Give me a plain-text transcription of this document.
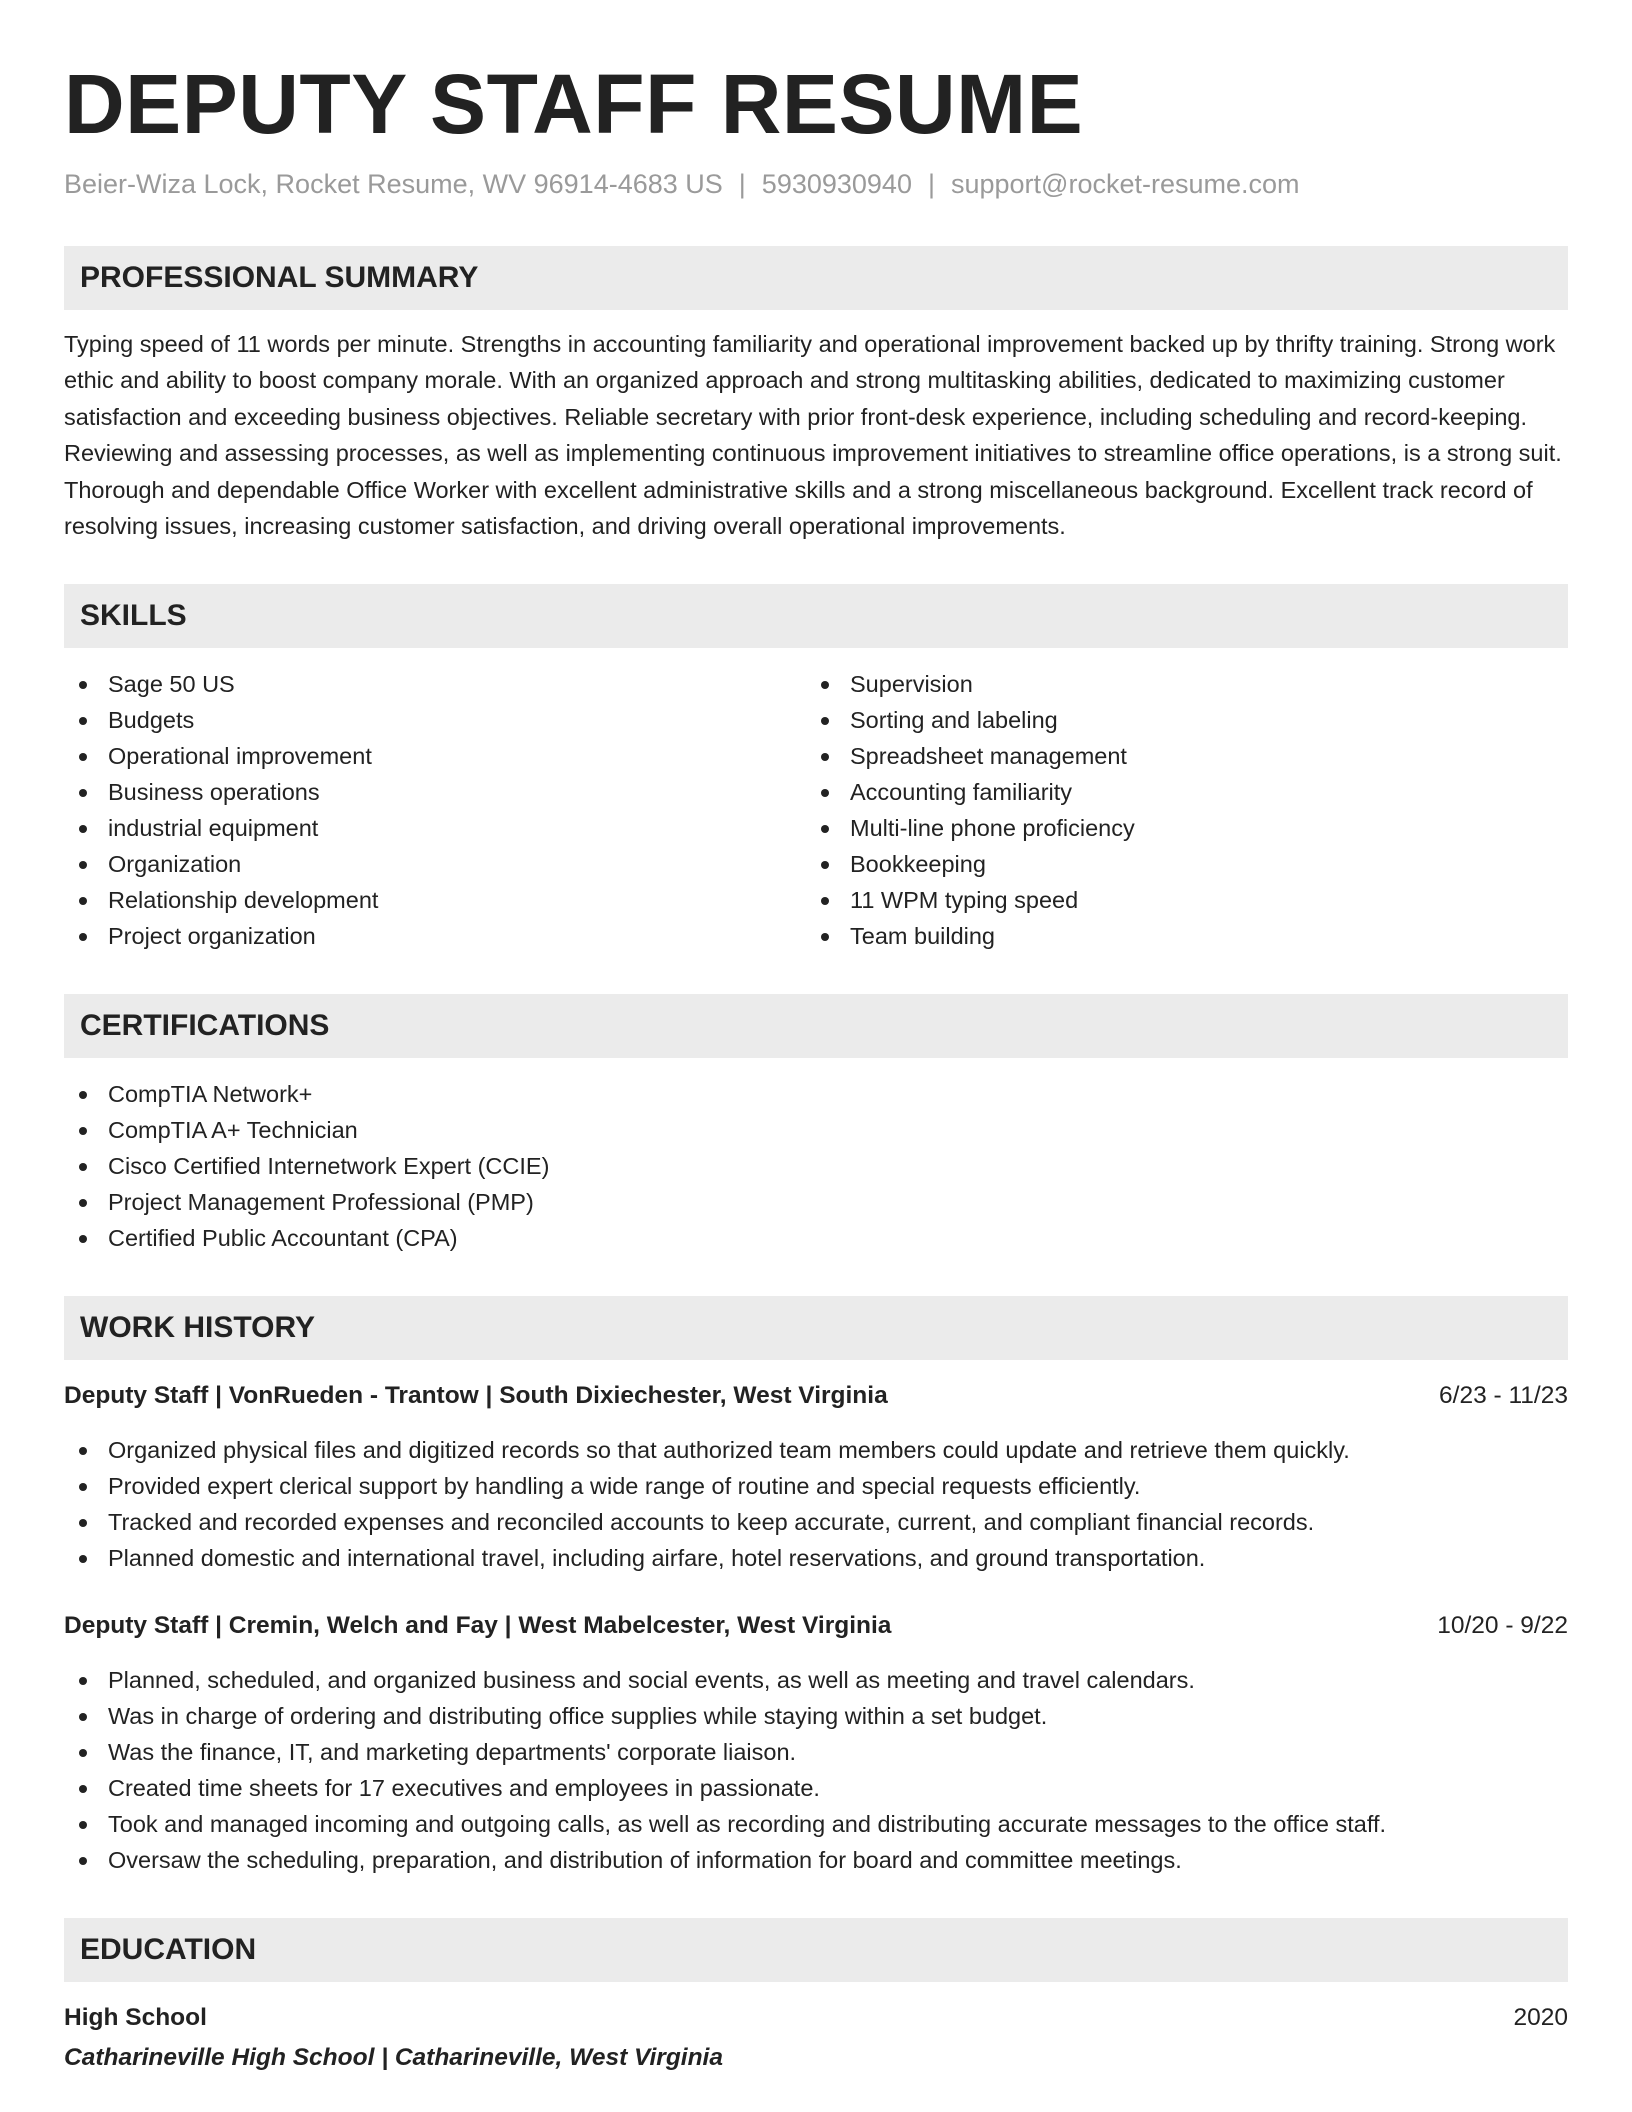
DEPUTY STAFF RESUME
Beier-Wiza Lock, Rocket Resume, WV 96914-4683 US | 5930930940 | support@rocket-resume.com
PROFESSIONAL SUMMARY

Typing speed of 11 words per minute. Strengths in accounting familiarity and operational improvement backed up by thrifty training. Strong work ethic and ability to boost company morale. With an organized approach and strong multitasking abilities, dedicated to maximizing customer satisfaction and exceeding business objectives. Reliable secretary with prior front-desk experience, including scheduling and record-keeping. Reviewing and assessing processes, as well as implementing continuous improvement initiatives to streamline office operations, is a strong suit. Thorough and dependable Office Worker with excellent administrative skills and a strong miscellaneous background. Excellent track record of resolving issues, increasing customer satisfaction, and driving overall operational improvements.

SKILLS
Sage 50 US
Budgets
Operational improvement
Business operations
industrial equipment
Organization
Relationship development
Project organization
Supervision
Sorting and labeling
Spreadsheet management
Accounting familiarity
Multi-line phone proficiency
Bookkeeping
11 WPM typing speed
Team building
CERTIFICATIONS
CompTIA Network+
CompTIA A+ Technician
Cisco Certified Internetwork Expert (CCIE)
Project Management Professional (PMP)
Certified Public Accountant (CPA)
WORK HISTORY
Deputy Staff | VonRueden - Trantow | South Dixiechester, West Virginia	6/23 - 11/23
Organized physical files and digitized records so that authorized team members could update and retrieve them quickly.
Provided expert clerical support by handling a wide range of routine and special requests efficiently.
Tracked and recorded expenses and reconciled accounts to keep accurate, current, and compliant financial records.
Planned domestic and international travel, including airfare, hotel reservations, and ground transportation.
Deputy Staff | Cremin, Welch and Fay | West Mabelcester, West Virginia	10/20 - 9/22
Planned, scheduled, and organized business and social events, as well as meeting and travel calendars.
Was in charge of ordering and distributing office supplies while staying within a set budget.
Was the finance, IT, and marketing departments' corporate liaison.
Created time sheets for 17 executives and employees in passionate.
Took and managed incoming and outgoing calls, as well as recording and distributing accurate messages to the office staff.
Oversaw the scheduling, preparation, and distribution of information for board and committee meetings.
EDUCATION
High School	2020
Catharineville High School | Catharineville, West Virginia
